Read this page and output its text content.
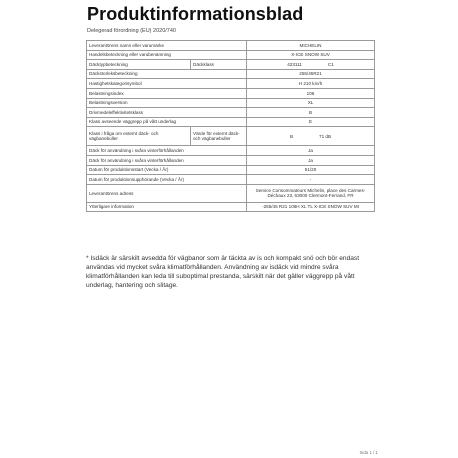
Produktinformationsblad
Delegerad förordning (EU) 2020/740
Leverantörens namn eller varumärke		MICHELIN
Handelsbeteckning eller varubenämning		X-ICE SNOW SUV
Däcktypbeteckning	Däckklass	423111 C1

Däckstorleksbeteckning		255/45R21
Hastighetskategorisymbol		H 210 km/h
Belastningsindex		106
Belastningsversion		XL
Drivmedeleffektivitetsklass		B
Klass avseende väggrepp på vått underlag		E
Klass i fråga om externt däck- och vägbanebuller	Värde för externt däck- och vägbanebuller	B 71 dB

Däck för användning i svåra vinterförhållanden		Ja
Däck för användning i svåra vinterförhållanden		Ja
Datum för produktionsstart (Vecka / År)		51/20
Datum för produktionsupphörande (Vecka / År)		-
Leverantörens adress		Service Consommateurs Michelin, place des Carmes-Déchaux 23, 63000 Clermont-Ferrand, FR
Ytterligare information		-255/45 R21 106H XL TL X-ICE SNOW SUV MI
* Isdäck är särskilt avsedda för vägbanor som är täckta av is och kompakt snö och bör endast användas vid mycket svåra klimatförhållanden. Användning av isdäck vid mindre svåra klimatförhållanden kan leda till suboptimal prestanda, särskilt när det gäller väggrepp på vått underlag, hantering och slitage.
Sida 1 / 1
